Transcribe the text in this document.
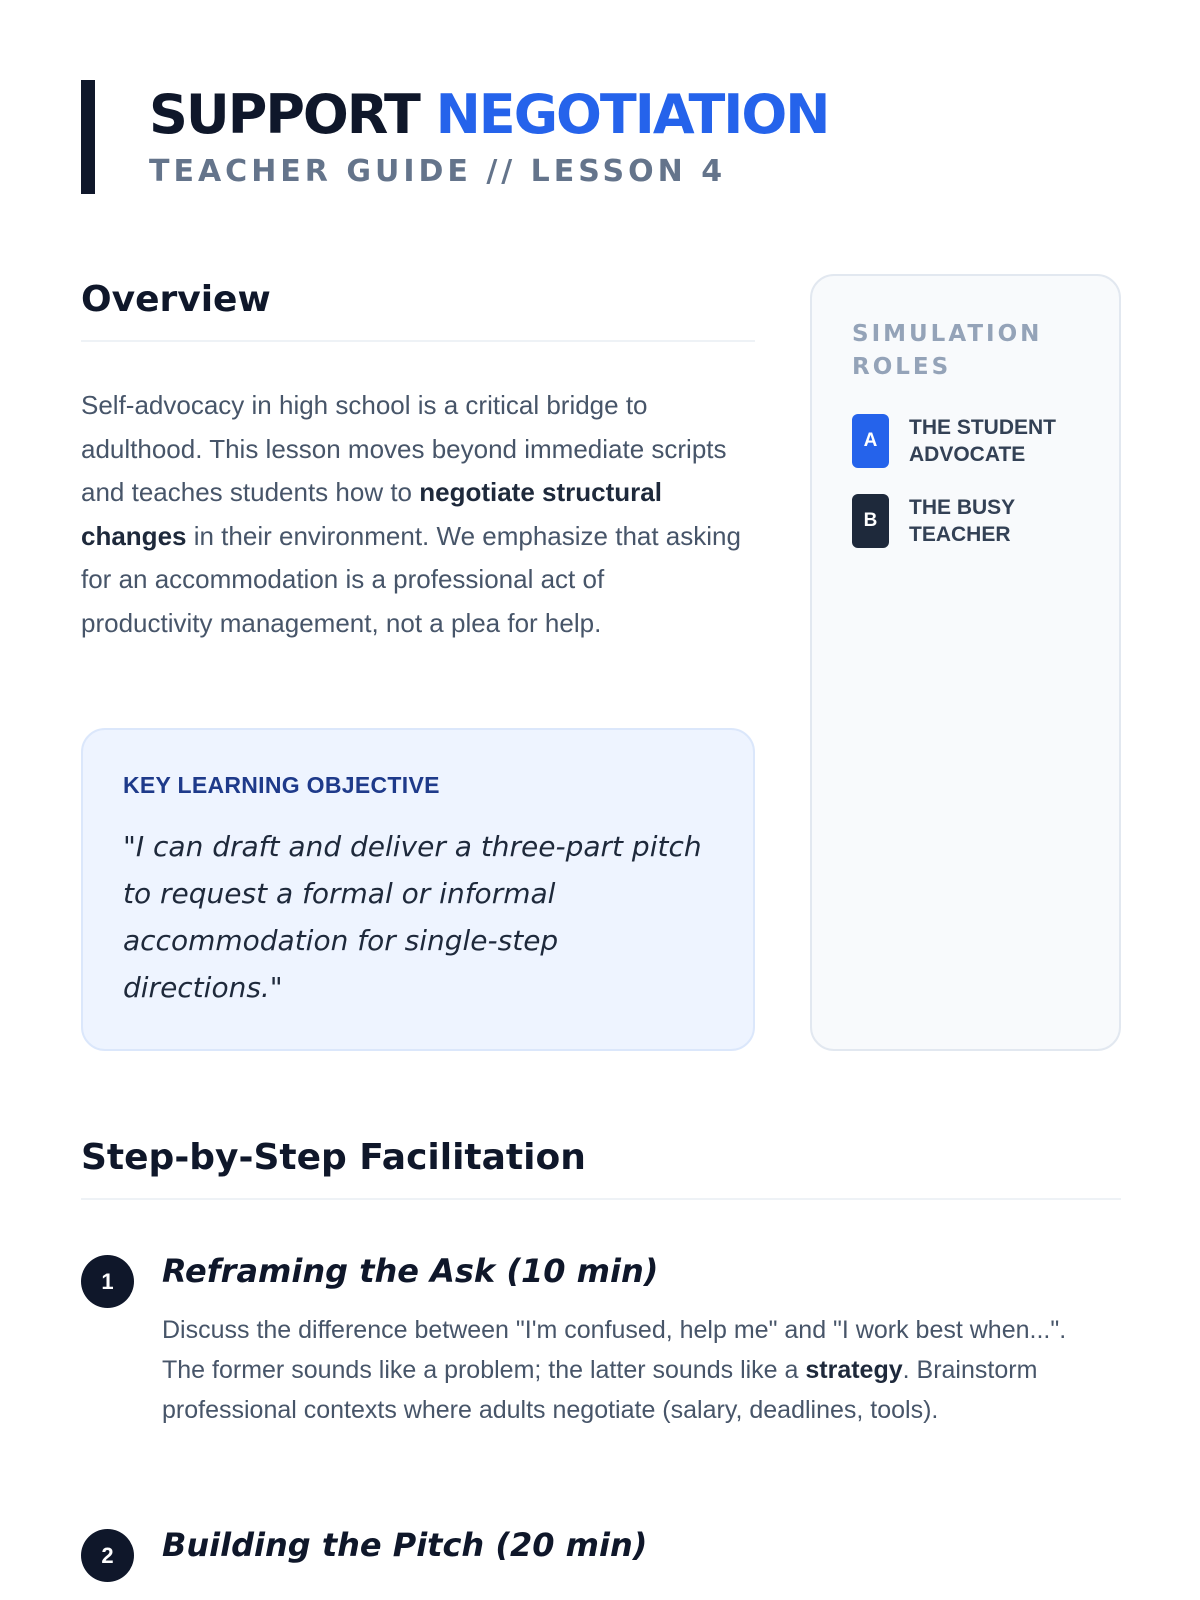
SUPPORT NEGOTIATION
TEACHER GUIDE // LESSON 4
Overview

Self-advocacy in high school is a critical bridge to adulthood. This lesson moves beyond immediate scripts and teaches students how to negotiate structural changes in their environment. We emphasize that asking for an accommodation is a professional act of productivity management, not a plea for help.

KEY LEARNING OBJECTIVE
"I can draft and deliver a three-part pitch to request a formal or informal accommodation for single-step directions."
SIMULATION ROLES
A
THE STUDENT ADVOCATE
B
THE BUSY TEACHER
Step-by-Step Facilitation
1	Reframing the Ask (10 min)

Discuss the difference between "I'm confused, help me" and "I work best when...". The former sounds like a problem; the latter sounds like a strategy. Brainstorm professional contexts where adults negotiate (salary, deadlines, tools).

2	Building the Pitch (20 min)
